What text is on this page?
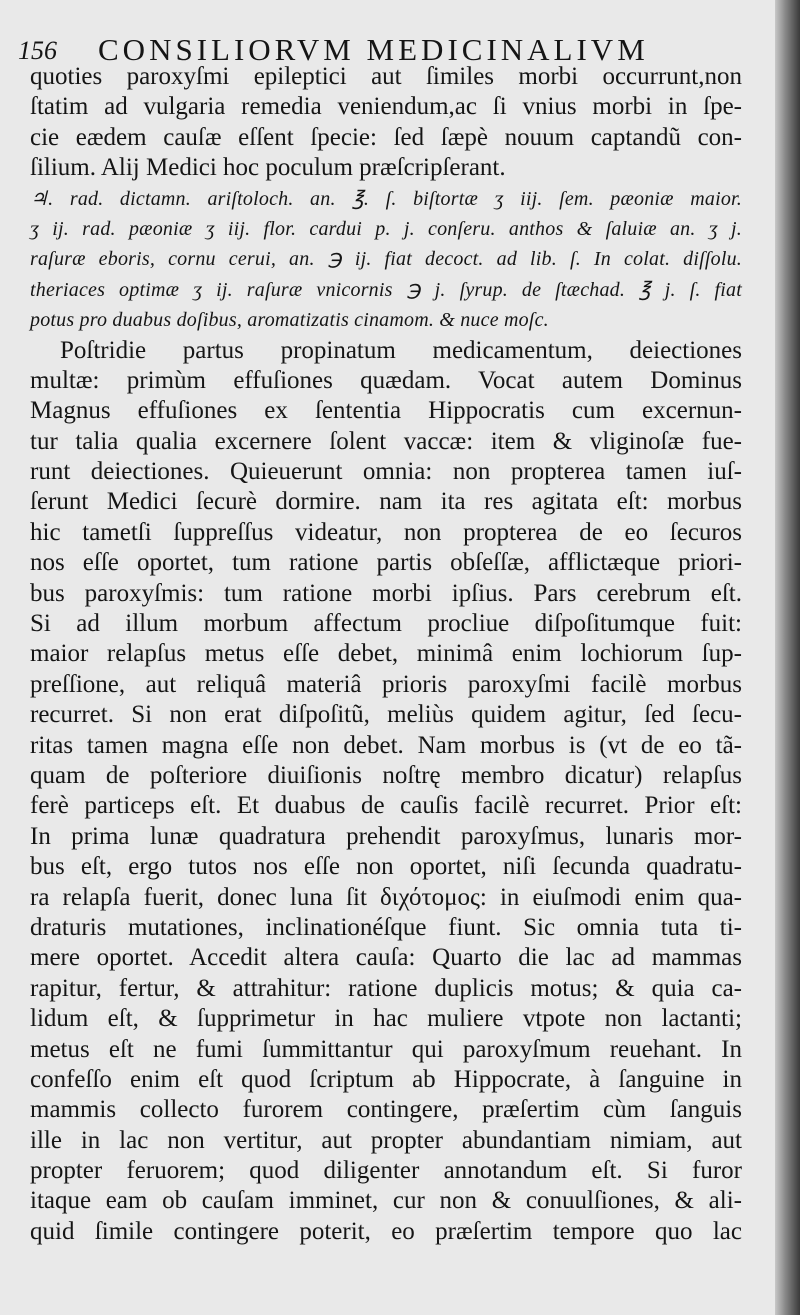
156 CONSILIORVM MEDICINALIVM
quoties paroxyſmi epileptici aut ſimiles morbi occurrunt,non
ſtatim ad vulgaria remedia veniendum,ac ſi vnius morbi in ſpe-
cie eædem cauſæ eſſent ſpecie: ſed ſæpè nouum captandũ con-
ſilium. Alij Medici hoc poculum præſcripſerant.
♃. rad. dictamn. ariſtoloch. an. ℥. ſ. biſtortæ ʒ iij. ſem. pæoniæ maior.
ʒ ij. rad. pæoniæ ʒ iij. flor. cardui p. j. conſeru. anthos & ſaluiæ an. ʒ j.
raſuræ eboris, cornu cerui, an. ℈ ij. fiat decoct. ad lib. ſ. In colat. diſſolu.
theriaces optimæ ʒ ij. raſuræ vnicornis ℈ j. ſyrup. de ſtæchad. ℥ j. ſ. fiat
potus pro duabus doſibus, aromatizatis cinamom. & nuce moſc.
Poſtridie partus propinatum medicamentum, deiectiones
multæ: primùm effuſiones quædam. Vocat autem Dominus
Magnus effuſiones ex ſententia Hippocratis cum excernun-
tur talia qualia excernere ſolent vaccæ: item & vliginoſæ fue-
runt deiectiones. Quieuerunt omnia: non propterea tamen iuſ-
ſerunt Medici ſecurè dormire. nam ita res agitata eſt: morbus
hic tametſi ſuppreſſus videatur, non propterea de eo ſecuros
nos eſſe oportet, tum ratione partis obſeſſæ, afflictæque priori-
bus paroxyſmis: tum ratione morbi ipſius. Pars cerebrum eſt.
Si ad illum morbum affectum procliue diſpoſitumque fuit:
maior relapſus metus eſſe debet, minimâ enim lochiorum ſup-
preſſione, aut reliquâ materiâ prioris paroxyſmi facilè morbus
recurret. Si non erat diſpoſitũ, meliùs quidem agitur, ſed ſecu-
ritas tamen magna eſſe non debet. Nam morbus is (vt de eo tã-
quam de poſteriore diuiſionis noſtrę membro dicatur) relapſus
ferè particeps eſt. Et duabus de cauſis facilè recurret. Prior eſt:
In prima lunæ quadratura prehendit paroxyſmus, lunaris mor-
bus eſt, ergo tutos nos eſſe non oportet, niſi ſecunda quadratu-
ra relapſa fuerit, donec luna ſit διχότομος: in eiuſmodi enim qua-
draturis mutationes, inclinationéſque fiunt. Sic omnia tuta ti-
mere oportet. Accedit altera cauſa: Quarto die lac ad mammas
rapitur, fertur, & attrahitur: ratione duplicis motus; & quia ca-
lidum eſt, & ſupprimetur in hac muliere vtpote non lactanti;
metus eſt ne fumi ſummittantur qui paroxyſmum reuehant. In
confeſſo enim eſt quod ſcriptum ab Hippocrate, à ſanguine in
mammis collecto furorem contingere, præſertim cùm ſanguis
ille in lac non vertitur, aut propter abundantiam nimiam, aut
propter feruorem; quod diligenter annotandum eſt. Si furor
itaque eam ob cauſam imminet, cur non & conuulſiones, & ali-
quid ſimile contingere poterit, eo præſertim tempore quo lac
